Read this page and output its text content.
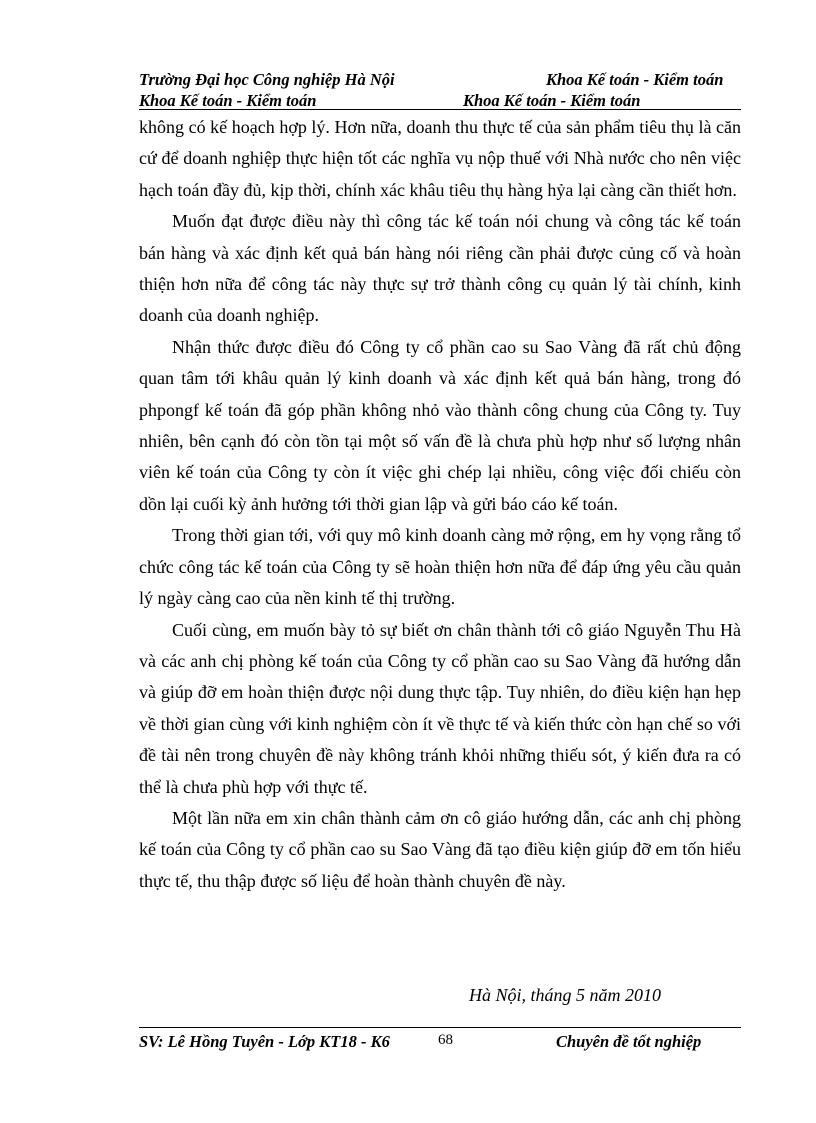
Trường Đại học Công nghiệp Hà Nội	Khoa Kế toán - Kiểm toán
Khoa Kế toán - Kiểm toán	Khoa Kế toán - Kiểm toán

không có kế hoạch hợp lý. Hơn nữa, doanh thu thực tế của sản phẩm tiêu thụ là căn cứ để doanh nghiệp thực hiện tốt các nghĩa vụ nộp thuế với Nhà nước cho nên việc hạch toán đầy đủ, kịp thời, chính xác khâu tiêu thụ hàng hỷa lại càng cần thiết hơn.

Muốn đạt được điều này thì công tác kế toán nói chung và công tác kế toán bán hàng và xác định kết quả bán hàng nói riêng cần phải được củng cố và hoàn thiện hơn nữa để công tác này thực sự trở thành công cụ quản lý tài chính, kinh doanh của doanh nghiệp.

Nhận thức được điều đó Công ty cổ phần cao su Sao Vàng đã rất chủ động quan tâm tới khâu quản lý kinh doanh và xác định kết quả bán hàng, trong đó phpongf kế toán đã góp phần không nhỏ vào thành công chung của Công ty. Tuy nhiên, bên cạnh đó còn tồn tại một số vấn đề là chưa phù hợp như số lượng nhân viên kế toán của Công ty còn ít việc ghi chép lại nhiều, công việc đối chiếu còn dồn lại cuối kỳ ảnh hưởng tới thời gian lập và gửi báo cáo kế toán.

Trong thời gian tới, với quy mô kinh doanh càng mở rộng, em hy vọng rằng tổ chức công tác kế toán của Công ty sẽ hoàn thiện hơn nữa để đáp ứng yêu cầu quản lý ngày càng cao của nền kinh tế thị trường.

Cuối cùng, em muốn bày tỏ sự biết ơn chân thành tới cô giáo Nguyễn Thu Hà và các anh chị phòng kế toán của Công ty cổ phần cao su Sao Vàng đã hướng dẫn và giúp đỡ em hoàn thiện được nội dung thực tập. Tuy nhiên, do điều kiện hạn hẹp về thời gian cùng với kinh nghiệm còn ít về thực tế và kiến thức còn hạn chế so với đề tài nên trong chuyên đề này không tránh khỏi những thiếu sót, ý kiến đưa ra có thể là chưa phù hợp với thực tế.

Một lần nữa em xin chân thành cảm ơn cô giáo hướng dẫn, các anh chị phòng kế toán của Công ty cổ phần cao su Sao Vàng đã tạo điều kiện giúp đỡ em tốn hiểu thực tế, thu thập được số liệu để hoàn thành chuyên đề này.

Hà Nội, tháng 5 năm 2010
SV: Lê Hồng Tuyên - Lớp KT18 - K6	68	Chuyên đề tốt nghiệp
